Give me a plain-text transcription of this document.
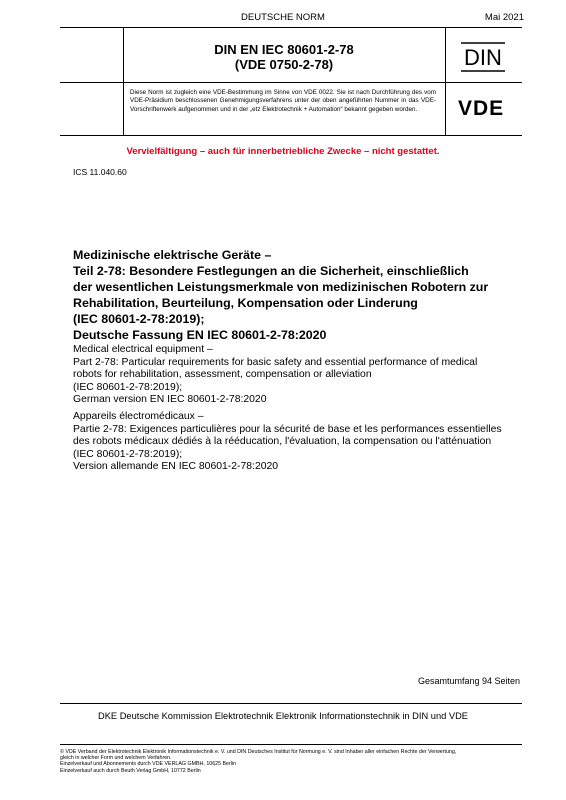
DEUTSCHE NORM	Mai 2021
DIN EN IEC 80601-2-78
(VDE 0750-2-78)	DIN
Diese Norm ist zugleich eine VDE-Bestimmung im Sinne von VDE 0022. Sie ist nach Durchführung des vom VDE-Präsidium beschlossenen Genehmigungsverfahrens unter der oben angeführten Nummer in das VDE-Vorschriftenwerk aufgenommen und in der „etz Elektrotechnik + Automation“ bekannt gegeben worden.	VDE
Vervielfältigung – auch für innerbetriebliche Zwecke – nicht gestattet.
ICS 11.040.60
Medizinische elektrische Geräte –
Teil 2-78: Besondere Festlegungen an die Sicherheit, einschließlich
der wesentlichen Leistungsmerkmale von medizinischen Robotern zur
Rehabilitation, Beurteilung, Kompensation oder Linderung
(IEC 80601-2-78:2019);
Deutsche Fassung EN IEC 80601-2-78:2020
Medical electrical equipment –
Part 2-78: Particular requirements for basic safety and essential performance of medical
robots for rehabilitation, assessment, compensation or alleviation
(IEC 80601-2-78:2019);
German version EN IEC 80601-2-78:2020
Appareils électromédicaux –
Partie 2-78: Exigences particulières pour la sécurité de base et les performances essentielles
des robots médicaux dédiés à la rééducation, l'évaluation, la compensation ou l'atténuation
(IEC 80601-2-78:2019);
Version allemande EN IEC 80601-2-78:2020
Gesamtumfang 94 Seiten
DKE Deutsche Kommission Elektrotechnik Elektronik Informationstechnik in DIN und VDE
© VDE Verband der Elektrotechnik Elektronik Informationstechnik e. V. und DIN Deutsches Institut für Normung e. V. sind Inhaber aller einfachen Rechte der Verwertung,
gleich in welcher Form und welchem Verfahren.
Einzelverkauf und Abonnements durch VDE VERLAG GMBH, 10625 Berlin
Einzelverkauf auch durch Beuth Verlag GmbH, 10772 Berlin
